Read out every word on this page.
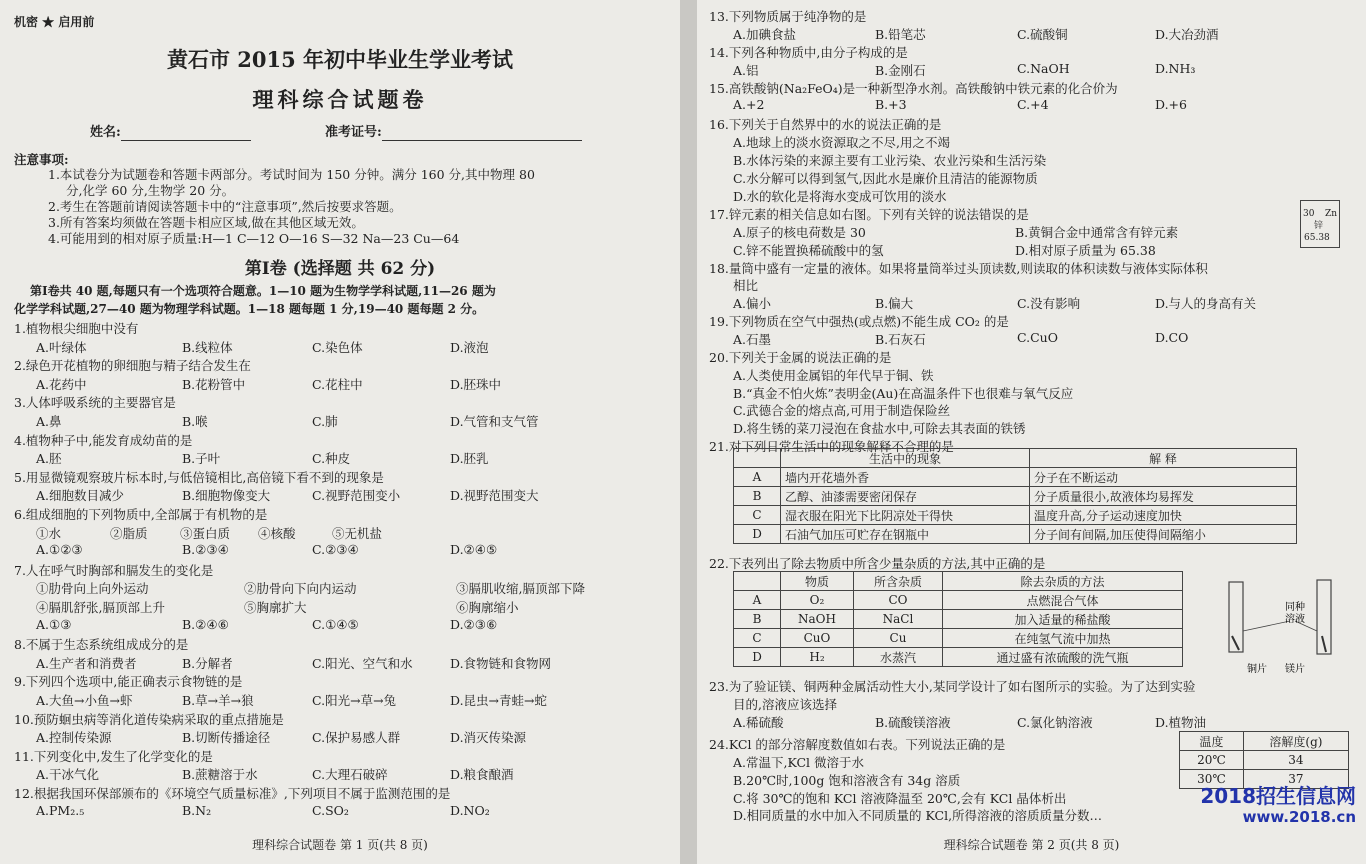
机密 ★ 启用前
黄石市 2015 年初中毕业生学业考试
理科综合试题卷
姓名:	准考证号:
注意事项:
1.本试卷分为试题卷和答题卡两部分。考试时间为 150 分钟。满分 160 分,其中物理 80
分,化学 60 分,生物学 20 分。
2.考生在答题前请阅读答题卡中的“注意事项”,然后按要求答题。
3.所有答案均须做在答题卡相应区域,做在其他区域无效。
4.可能用到的相对原子质量:H—1 C—12 O—16 S—32 Na—23 Cu—64
第Ⅰ卷 (选择题 共 62 分)
第Ⅰ卷共 40 题,每题只有一个选项符合题意。1—10 题为生物学学科试题,11—26 题为
化学学科试题,27—40 题为物理学科试题。1—18 题每题 1 分,19—40 题每题 2 分。
1.植物根尖细胞中没有
A.叶绿体	B.线粒体	C.染色体	D.液泡
2.绿色开花植物的卵细胞与精子结合发生在
A.花药中	B.花粉管中	C.花柱中	D.胚珠中
3.人体呼吸系统的主要器官是
A.鼻	B.喉	C.肺	D.气管和支气管
4.植物种子中,能发育成幼苗的是
A.胚	B.子叶	C.种皮	D.胚乳
5.用显微镜观察玻片标本时,与低倍镜相比,高倍镜下看不到的现象是
A.细胞数目减少	B.细胞物像变大	C.视野范围变小	D.视野范围变大
6.组成细胞的下列物质中,全部属于有机物的是
①水	②脂质	③蛋白质 ④核酸	⑤无机盐
A.①②③	B.②③④	C.②③④	D.②④⑤
7.人在呼气时胸部和膈发生的变化是
①肋骨向上向外运动	②肋骨向下向内运动	③膈肌收缩,膈顶部下降
④膈肌舒张,膈顶部上升	⑤胸廓扩大	⑥胸廓缩小
A.①③	B.②④⑥	C.①④⑤	D.②③⑥
8.不属于生态系统组成成分的是
A.生产者和消费者	B.分解者	C.阳光、空气和水	D.食物链和食物网
9.下列四个选项中,能正确表示食物链的是
A.大鱼→小鱼→虾	B.草→羊→狼	C.阳光→草→兔	D.昆虫→青蛙→蛇
10.预防蛔虫病等消化道传染病采取的重点措施是
A.控制传染源	B.切断传播途径	C.保护易感人群	D.消灭传染源
11.下列变化中,发生了化学变化的是
A.干冰气化	B.蔗糖溶于水	C.大理石破碎	D.粮食酿酒
12.根据我国环保部颁布的《环境空气质量标准》,下列项目不属于监测范围的是
A.PM₂.₅	B.N₂	C.SO₂	D.NO₂
理科综合试题卷 第 1 页(共 8 页)
13.下列物质属于纯净物的是
A.加碘食盐	B.铅笔芯	C.硫酸铜	D.大冶劲酒
14.下列各种物质中,由分子构成的是
A.铝	B.金刚石	C.NaOH	D.NH₃
15.高铁酸钠(Na₂FeO₄)是一种新型净水剂。高铁酸钠中铁元素的化合价为
A.+2	B.+3	C.+4	D.+6
16.下列关于自然界中的水的说法正确的是
A.地球上的淡水资源取之不尽,用之不竭
B.水体污染的来源主要有工业污染、农业污染和生活污染
C.水分解可以得到氢气,因此水是廉价且清洁的能源物质
D.水的软化是将海水变成可饮用的淡水
17.锌元素的相关信息如右图。下列有关锌的说法错误的是
A.原子的核电荷数是 30	B.黄铜合金中通常含有锌元素
C.锌不能置换稀硫酸中的氢	D.相对原子质量为 65.38
30 Zn
锌
65.38
18.量筒中盛有一定量的液体。如果将量筒举过头顶读数,则读取的体积读数与液体实际体积
相比
A.偏小	B.偏大	C.没有影响	D.与人的身高有关
19.下列物质在空气中强热(或点燃)不能生成 CO₂ 的是
A.石墨	B.石灰石	C.CuO	D.CO
20.下列关于金属的说法正确的是
A.人类使用金属铝的年代早于铜、铁
B.“真金不怕火炼”表明金(Au)在高温条件下也很难与氧气反应
C.武德合金的熔点高,可用于制造保险丝
D.将生锈的菜刀浸泡在食盐水中,可除去其表面的铁锈
21.对下列日常生活中的现象解释不合理的是
	生活中的现象	解 释
A	墙内开花墙外香	分子在不断运动
B	乙醇、油漆需要密闭保存	分子质量很小,故液体均易挥发
C	湿衣服在阳光下比阴凉处干得快	温度升高,分子运动速度加快
D	石油气加压可贮存在钢瓶中	分子间有间隔,加压使得间隔缩小
22.下表列出了除去物质中所含少量杂质的方法,其中正确的是
	物质	所含杂质	除去杂质的方法
A	O₂	CO	点燃混合气体
B	NaOH	NaCl	加入适量的稀盐酸
C	CuO	Cu	在纯氢气流中加热
D	H₂	水蒸汽	通过盛有浓硫酸的洗气瓶
同种
溶液
铜片 镁片
23.为了验证镁、铜两种金属活动性大小,某同学设计了如右图所示的实验。为了达到实验
目的,溶液应该选择
A.稀硫酸	B.硫酸镁溶液	C.氯化钠溶液	D.植物油
24.KCl 的部分溶解度数值如右表。下列说法正确的是
A.常温下,KCl 微溶于水
B.20℃时,100g 饱和溶液含有 34g 溶质
C.将 30℃的饱和 KCl 溶液降温至 20℃,会有 KCl 晶体析出
D.相同质量的水中加入不同质量的 KCl,所得溶液的溶质质量分数…
温度	溶解度(g)
20℃	34
30℃	37
理科综合试题卷 第 2 页(共 8 页)
2018招生信息网
www.2018.cn
